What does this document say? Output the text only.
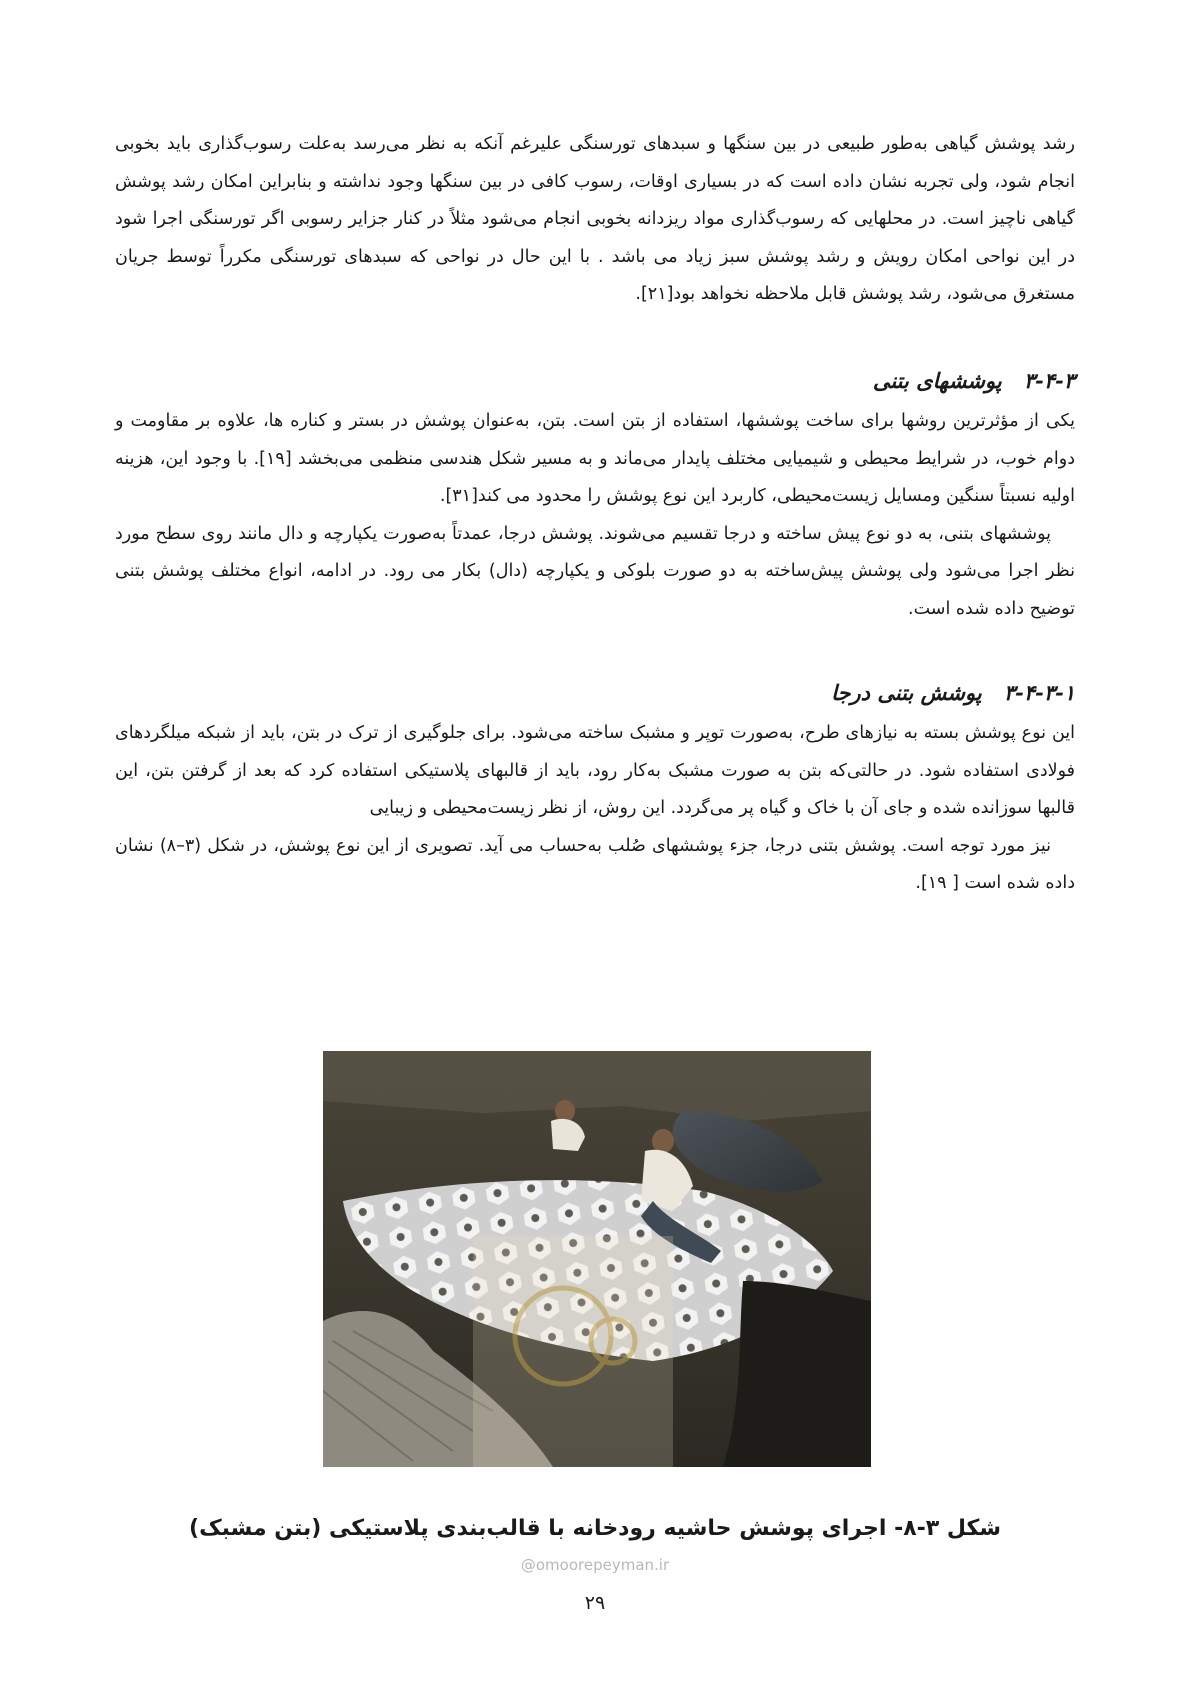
رشد پوشش گیاهی به‌طور طبیعی در بین سنگها و سبدهای تورسنگی علیرغم آنکه به نظر می‌رسد به‌علت رسوب‌گذاری باید بخوبی انجام شود، ولی تجربه نشان داده است که در بسیاری اوقات، رسوب کافی در بین سنگها وجود نداشته و بنابراین امکان رشد پوشش گیاهی ناچیز است. در محلهایی که رسوب‌گذاری مواد ریزدانه بخوبی انجام می‌شود مثلاً در کنار جزایر رسوبی اگر تورسنگی اجرا شود در این نواحی امکان رویش و رشد پوشش سبز زیاد می باشد . با این حال در نواحی که سبدهای تورسنگی مکرراً توسط جریان مستغرق می‌شود، رشد پوشش قابل ملاحظه نخواهد بود[۲۱].

۳-۴-۳پوششهای بتنی

یکی از مؤثرترین روشها برای ساخت پوششها، استفاده از بتن است. بتن، به‌عنوان پوشش در بستر و کناره ها، علاوه بر مقاومت و دوام خوب، در شرایط محیطی و شیمیایی مختلف پایدار می‌ماند و به مسیر شکل هندسی منظمی می‌بخشد [۱۹]. با وجود این، هزینه اولیه نسبتاً سنگین ومسایل زیست‌محیطی، کاربرد این نوع پوشش را محدود می کند[۳۱].

پوششهای بتنی، به دو نوع پیش ساخته و درجا تقسیم می‌شوند. پوشش درجا، عمدتاً به‌صورت یکپارچه و دال مانند روی سطح مورد نظر اجرا می‌شود ولی پوشش پیش‌ساخته به دو صورت بلوکی و یکپارچه (دال) بکار می رود. در ادامه، انواع مختلف پوشش بتنی توضیح داده شده است.

۳-۴-۳-۱پوشش بتنی درجا

این نوع پوشش بسته به نیازهای طرح، به‌صورت توپر و مشبک ساخته می‌شود. برای جلوگیری از ترک در بتن، باید از شبکه میلگردهای فولادی استفاده شود. در حالتی‌که بتن به صورت مشبک به‌کار رود، باید از قالبهای پلاستیکی استفاده کرد که بعد از گرفتن بتن، این قالبها سوزانده شده و جای آن با خاک و گیاه پر می‌گردد. این روش، از نظر زیست‌محیطی و زیبایی

نیز مورد توجه است. پوشش بتنی درجا، جزء پوششهای صُلب به‌حساب می آید. تصویری از این نوع پوشش، در شکل (۳–۸) نشان داده شده است [ ۱۹].

شکل ۳-۸- اجرای پوشش حاشیه رودخانه با قالب‌بندی پلاستیکی (بتن مشبک)
@omoorepeyman.ir
۲۹
